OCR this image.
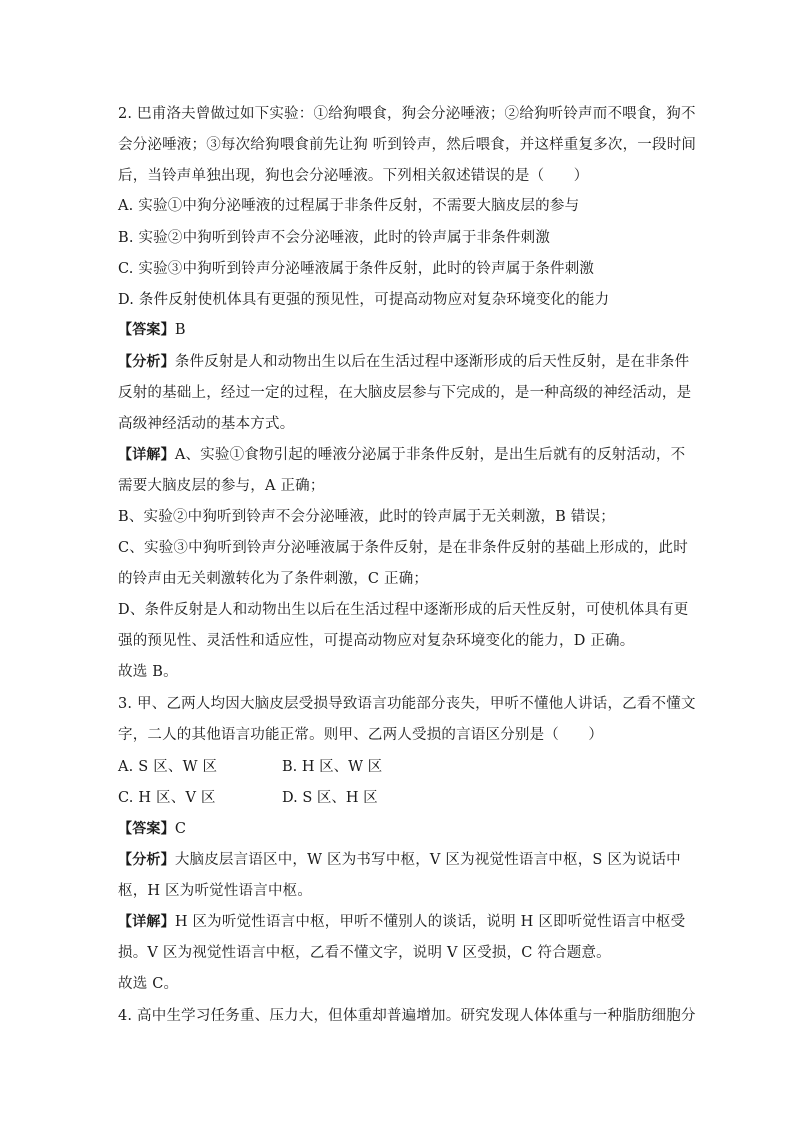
2. 巴甫洛夫曾做过如下实验：①给狗喂食，狗会分泌唾液；②给狗听铃声而不喂食，狗不
会分泌唾液；③每次给狗喂食前先让狗 听到铃声，然后喂食，并这样重复多次，一段时间
后，当铃声单独出现，狗也会分泌唾液。下列相关叙述错误的是（　　）
A. 实验①中狗分泌唾液的过程属于非条件反射，不需要大脑皮层的参与
B. 实验②中狗听到铃声不会分泌唾液，此时的铃声属于非条件刺激
C. 实验③中狗听到铃声分泌唾液属于条件反射，此时的铃声属于条件刺激
D. 条件反射使机体具有更强的预见性，可提高动物应对复杂环境变化的能力
【答案】B
【分析】条件反射是人和动物出生以后在生活过程中逐渐形成的后天性反射，是在非条件
反射的基础上，经过一定的过程，在大脑皮层参与下完成的，是一种高级的神经活动，是
高级神经活动的基本方式。
【详解】A、实验①食物引起的唾液分泌属于非条件反射，是出生后就有的反射活动，不
需要大脑皮层的参与，A 正确；
B、实验②中狗听到铃声不会分泌唾液，此时的铃声属于无关刺激，B 错误；
C、实验③中狗听到铃声分泌唾液属于条件反射，是在非条件反射的基础上形成的，此时
的铃声由无关刺激转化为了条件刺激，C 正确；
D、条件反射是人和动物出生以后在生活过程中逐渐形成的后天性反射，可使机体具有更
强的预见性、灵活性和适应性，可提高动物应对复杂环境变化的能力，D 正确。
故选 B。
3. 甲、乙两人均因大脑皮层受损导致语言功能部分丧失，甲听不懂他人讲话，乙看不懂文
字，二人的其他语言功能正常。则甲、乙两人受损的言语区分别是（　　）
A. S 区、W 区	B. H 区、W 区
C. H 区、V 区	D. S 区、H 区
【答案】C
【分析】大脑皮层言语区中，W 区为书写中枢，V 区为视觉性语言中枢，S 区为说话中
枢，H 区为听觉性语言中枢。
【详解】H 区为听觉性语言中枢，甲听不懂别人的谈话，说明 H 区即听觉性语言中枢受
损。V 区为视觉性语言中枢，乙看不懂文字，说明 V 区受损，C 符合题意。
故选 C。
4. 高中生学习任务重、压力大，但体重却普遍增加。研究发现人体体重与一种脂肪细胞分
